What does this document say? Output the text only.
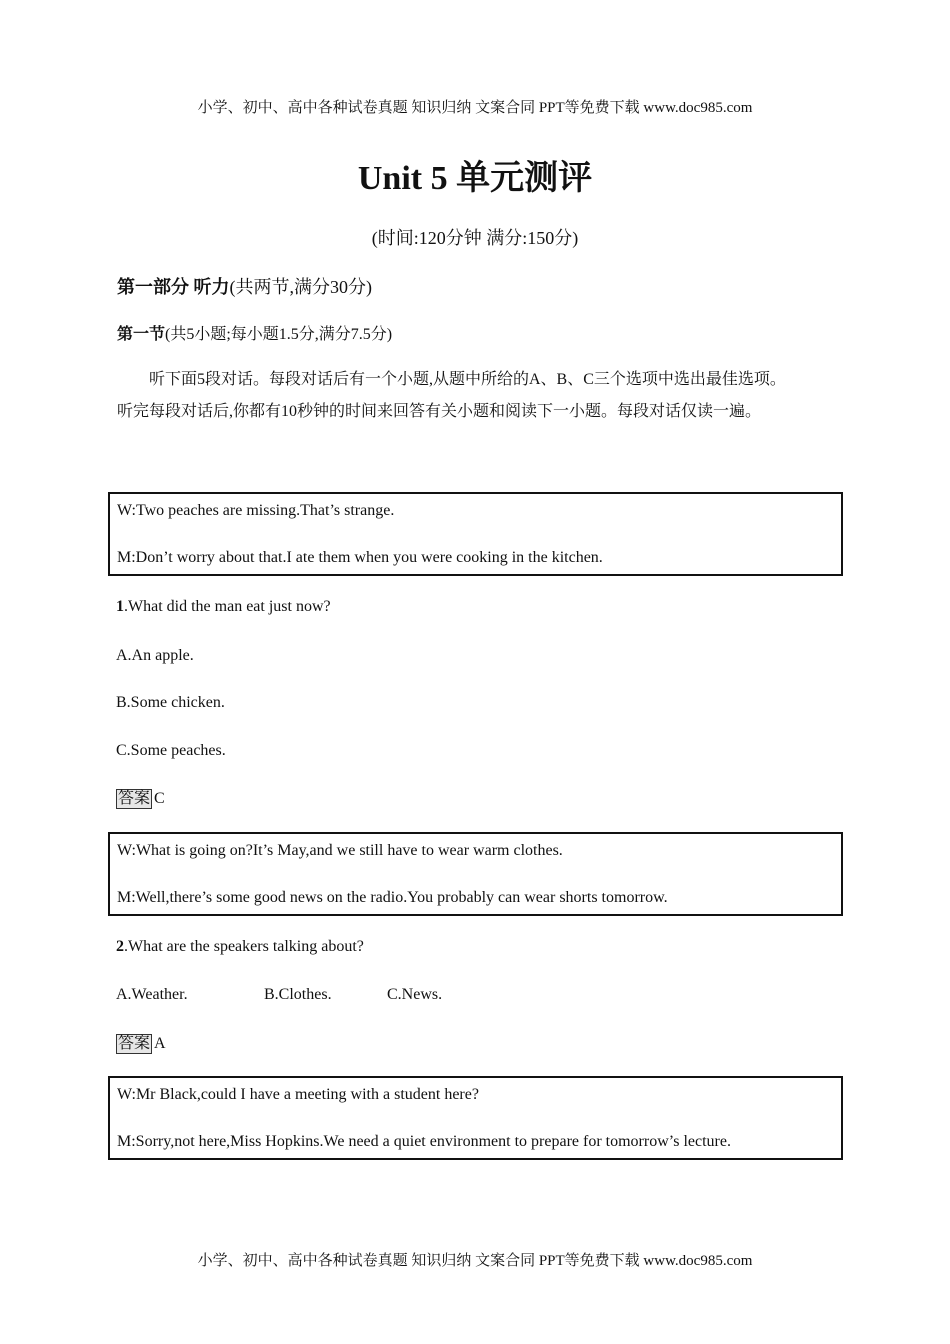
小学、初中、高中各种试卷真题 知识归纳 文案合同 PPT等免费下载 www.doc985.com
Unit 5 单元测评
(时间:120分钟 满分:150分)
第一部分 听力(共两节,满分30分)
第一节(共5小题;每小题1.5分,满分7.5分)
听下面5段对话。每段对话后有一个小题,从题中所给的A、B、C三个选项中选出最佳选项。
听完每段对话后,你都有10秒钟的时间来回答有关小题和阅读下一小题。每段对话仅读一遍。

W:Two peaches are missing.That’s strange.

M:Don’t worry about that.I ate them when you were cooking in the kitchen.

1.What did the man eat just now?
A.An apple.
B.Some chicken.
C.Some peaches.
答案 C

W:What is going on?It’s May,and we still have to wear warm clothes.

M:Well,there’s some good news on the radio.You probably can wear shorts tomorrow.

2.What are the speakers talking about?
A.Weather.	B.Clothes.	C.News.
答案 A

W:Mr Black,could I have a meeting with a student here?

M:Sorry,not here,Miss Hopkins.We need a quiet environment to prepare for tomorrow’s lecture.

小学、初中、高中各种试卷真题 知识归纳 文案合同 PPT等免费下载 www.doc985.com
